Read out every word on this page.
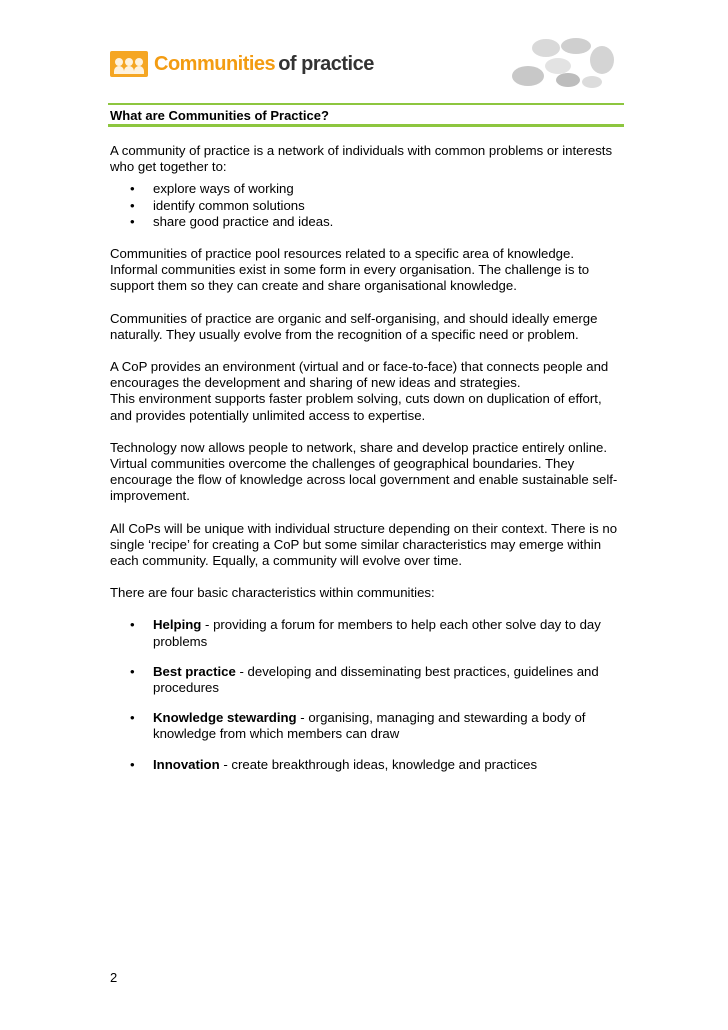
Communities of practice
What are Communities of Practice?

A community of practice is a network of individuals with common problems or interests who get together to:

• explore ways of working
• identify common solutions
• share good practice and ideas.

Communities of practice pool resources related to a specific area of knowledge. Informal communities exist in some form in every organisation. The challenge is to support them so they can create and share organisational knowledge.

Communities of practice are organic and self-organising, and should ideally emerge naturally. They usually evolve from the recognition of a specific need or problem.

A CoP provides an environment (virtual and or face-to-face) that connects people and encourages the development and sharing of new ideas and strategies.
This environment supports faster problem solving, cuts down on duplication of effort, and provides potentially unlimited access to expertise.

Technology now allows people to network, share and develop practice entirely online. Virtual communities overcome the challenges of geographical boundaries. They encourage the flow of knowledge across local government and enable sustainable self-improvement.

All CoPs will be unique with individual structure depending on their context. There is no single ‘recipe’ for creating a CoP but some similar characteristics may emerge within each community. Equally, a community will evolve over time.

There are four basic characteristics within communities:

• Helping - providing a forum for members to help each other solve day to day problems
• Best practice - developing and disseminating best practices, guidelines and procedures
• Knowledge stewarding - organising, managing and stewarding a body of knowledge from which members can draw
• Innovation - create breakthrough ideas, knowledge and practices
2
